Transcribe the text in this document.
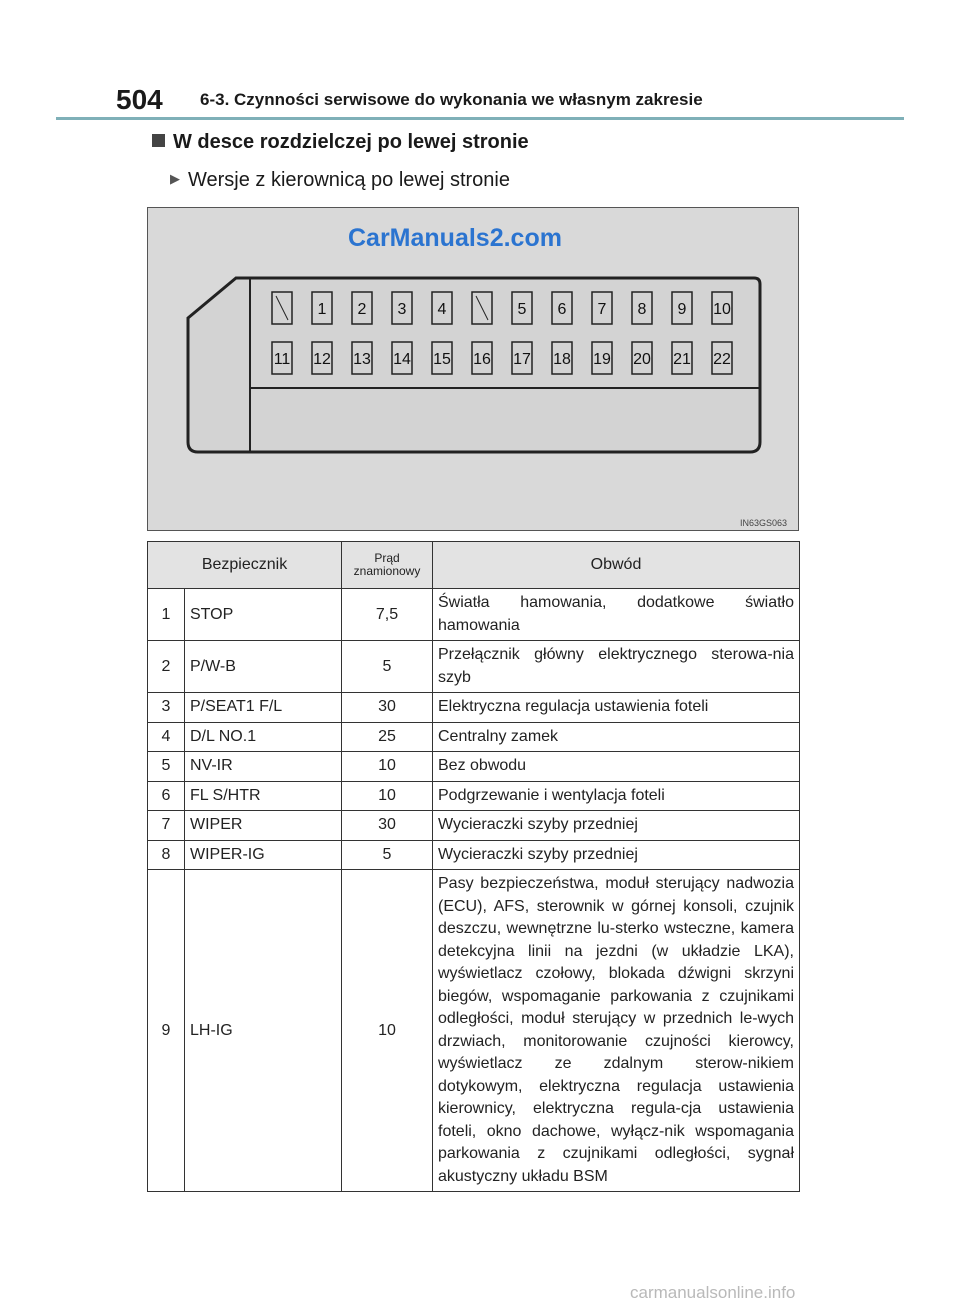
504 6-3. Czynności serwisowe do wykonania we własnym zakresie
W desce rozdzielczej po lewej stronie
▶ Wersje z kierownicą po lewej stronie
CarManuals2.com
1 2 3 4	5 6 7 8 9 10
11 12 13 14 15 16 17 18 19 20 21 22
IN63GS063
Bezpiecznik		Prąd znamionowy	Obwód
1	STOP	7,5	Światła hamowania, dodatkowe światło hamowania
2	P/W-B	5	Przełącznik główny elektrycznego sterowa-nia szyb
3	P/SEAT1 F/L	30	Elektryczna regulacja ustawienia foteli
4	D/L NO.1	25	Centralny zamek
5	NV-IR	10	Bez obwodu
6	FL S/HTR	10	Podgrzewanie i wentylacja foteli
7	WIPER	30	Wycieraczki szyby przedniej
8	WIPER-IG	5	Wycieraczki szyby przedniej
9	LH-IG	10	Pasy bezpieczeństwa, moduł sterujący nadwozia (ECU), AFS, sterownik w górnej konsoli, czujnik deszczu, wewnętrzne lu-sterko wsteczne, kamera detekcyjna linii na jezdni (w układzie LKA), wyświetlacz czołowy, blokada dźwigni skrzyni biegów, wspomaganie parkowania z czujnikami odległości, moduł sterujący w przednich le-wych drzwiach, monitorowanie czujności kierowcy, wyświetlacz ze zdalnym sterow-nikiem dotykowym, elektryczna regulacja ustawienia kierownicy, elektryczna regula-cja ustawienia foteli, okno dachowe, wyłącz-nik wspomagania parkowania z czujnikami odległości, sygnał akustyczny układu BSM
carmanualsonline.info
